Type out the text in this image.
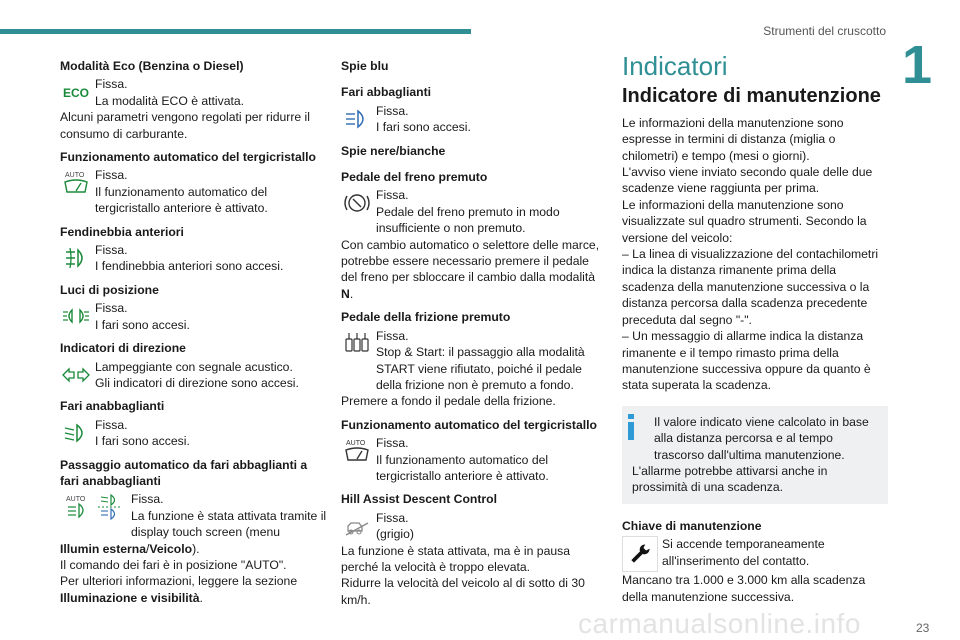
Strumenti del cruscotto
1
23
carmanualsonline.info

Modalità Eco (Benzina o Diesel)

ECO
Fissa.
La modalità ECO è attivata.

Alcuni parametri vengono regolati per ridurre il consumo di carburante.

Funzionamento automatico del tergicristallo

AUTO Fissa.
Il funzionamento automatico del tergicristallo anteriore è attivato.

Fendinebbia anteriori

Fissa.
I fendinebbia anteriori sono accesi.

Luci di posizione

Fissa.
I fari sono accesi.

Indicatori di direzione

Lampeggiante con segnale acustico.
Gli indicatori di direzione sono accesi.

Fari anabbaglianti

Fissa.
I fari sono accesi.

Passaggio automatico da fari abbaglianti a fari anabbaglianti

AUTO	Fissa.
La funzione è stata attivata tramite il display touch screen (menu

Illumin esterna/Veicolo).

Il comando dei fari è in posizione "AUTO".

Per ulteriori informazioni, leggere la sezione Illuminazione e visibilità.

Spie blu

Fari abbaglianti

Fissa.
I fari sono accesi.

Spie nere/bianche

Pedale del freno premuto

Fissa.
Pedale del freno premuto in modo insufficiente o non premuto.

Con cambio automatico o selettore delle marce, potrebbe essere necessario premere il pedale del freno per sbloccare il cambio dalla modalità N.

Pedale della frizione premuto

Fissa.
Stop & Start: il passaggio alla modalità START viene rifiutato, poiché il pedale della frizione non è premuto a fondo.

Premere a fondo il pedale della frizione.

Funzionamento automatico del tergicristallo

AUTO Fissa.
Il funzionamento automatico del tergicristallo anteriore è attivato.

Hill Assist Descent Control

Fissa.
(grigio)

La funzione è stata attivata, ma è in pausa perché la velocità è troppo elevata.

Ridurre la velocità del veicolo al di sotto di 30 km/h.

Indicatori
Indicatore di manutenzione

Le informazioni della manutenzione sono espresse in termini di distanza (miglia o chilometri) e tempo (mesi o giorni).

L'avviso viene inviato secondo quale delle due scadenze viene raggiunta per prima.

Le informazioni della manutenzione sono visualizzate sul quadro strumenti. Secondo la versione del veicolo:

– La linea di visualizzazione del contachilometri indica la distanza rimanente prima della scadenza della manutenzione successiva o la distanza percorsa dalla scadenza precedente preceduta dal segno "-".

– Un messaggio di allarme indica la distanza rimanente e il tempo rimasto prima della manutenzione successiva oppure da quanto è stata superata la scadenza.

Il valore indicato viene calcolato in base alla distanza percorsa e al tempo trascorso dall'ultima manutenzione.

L'allarme potrebbe attivarsi anche in prossimità di una scadenza.

Chiave di manutenzione

Si accende temporaneamente all'inserimento del contatto.

Mancano tra 1.000 e 3.000 km alla scadenza della manutenzione successiva.
